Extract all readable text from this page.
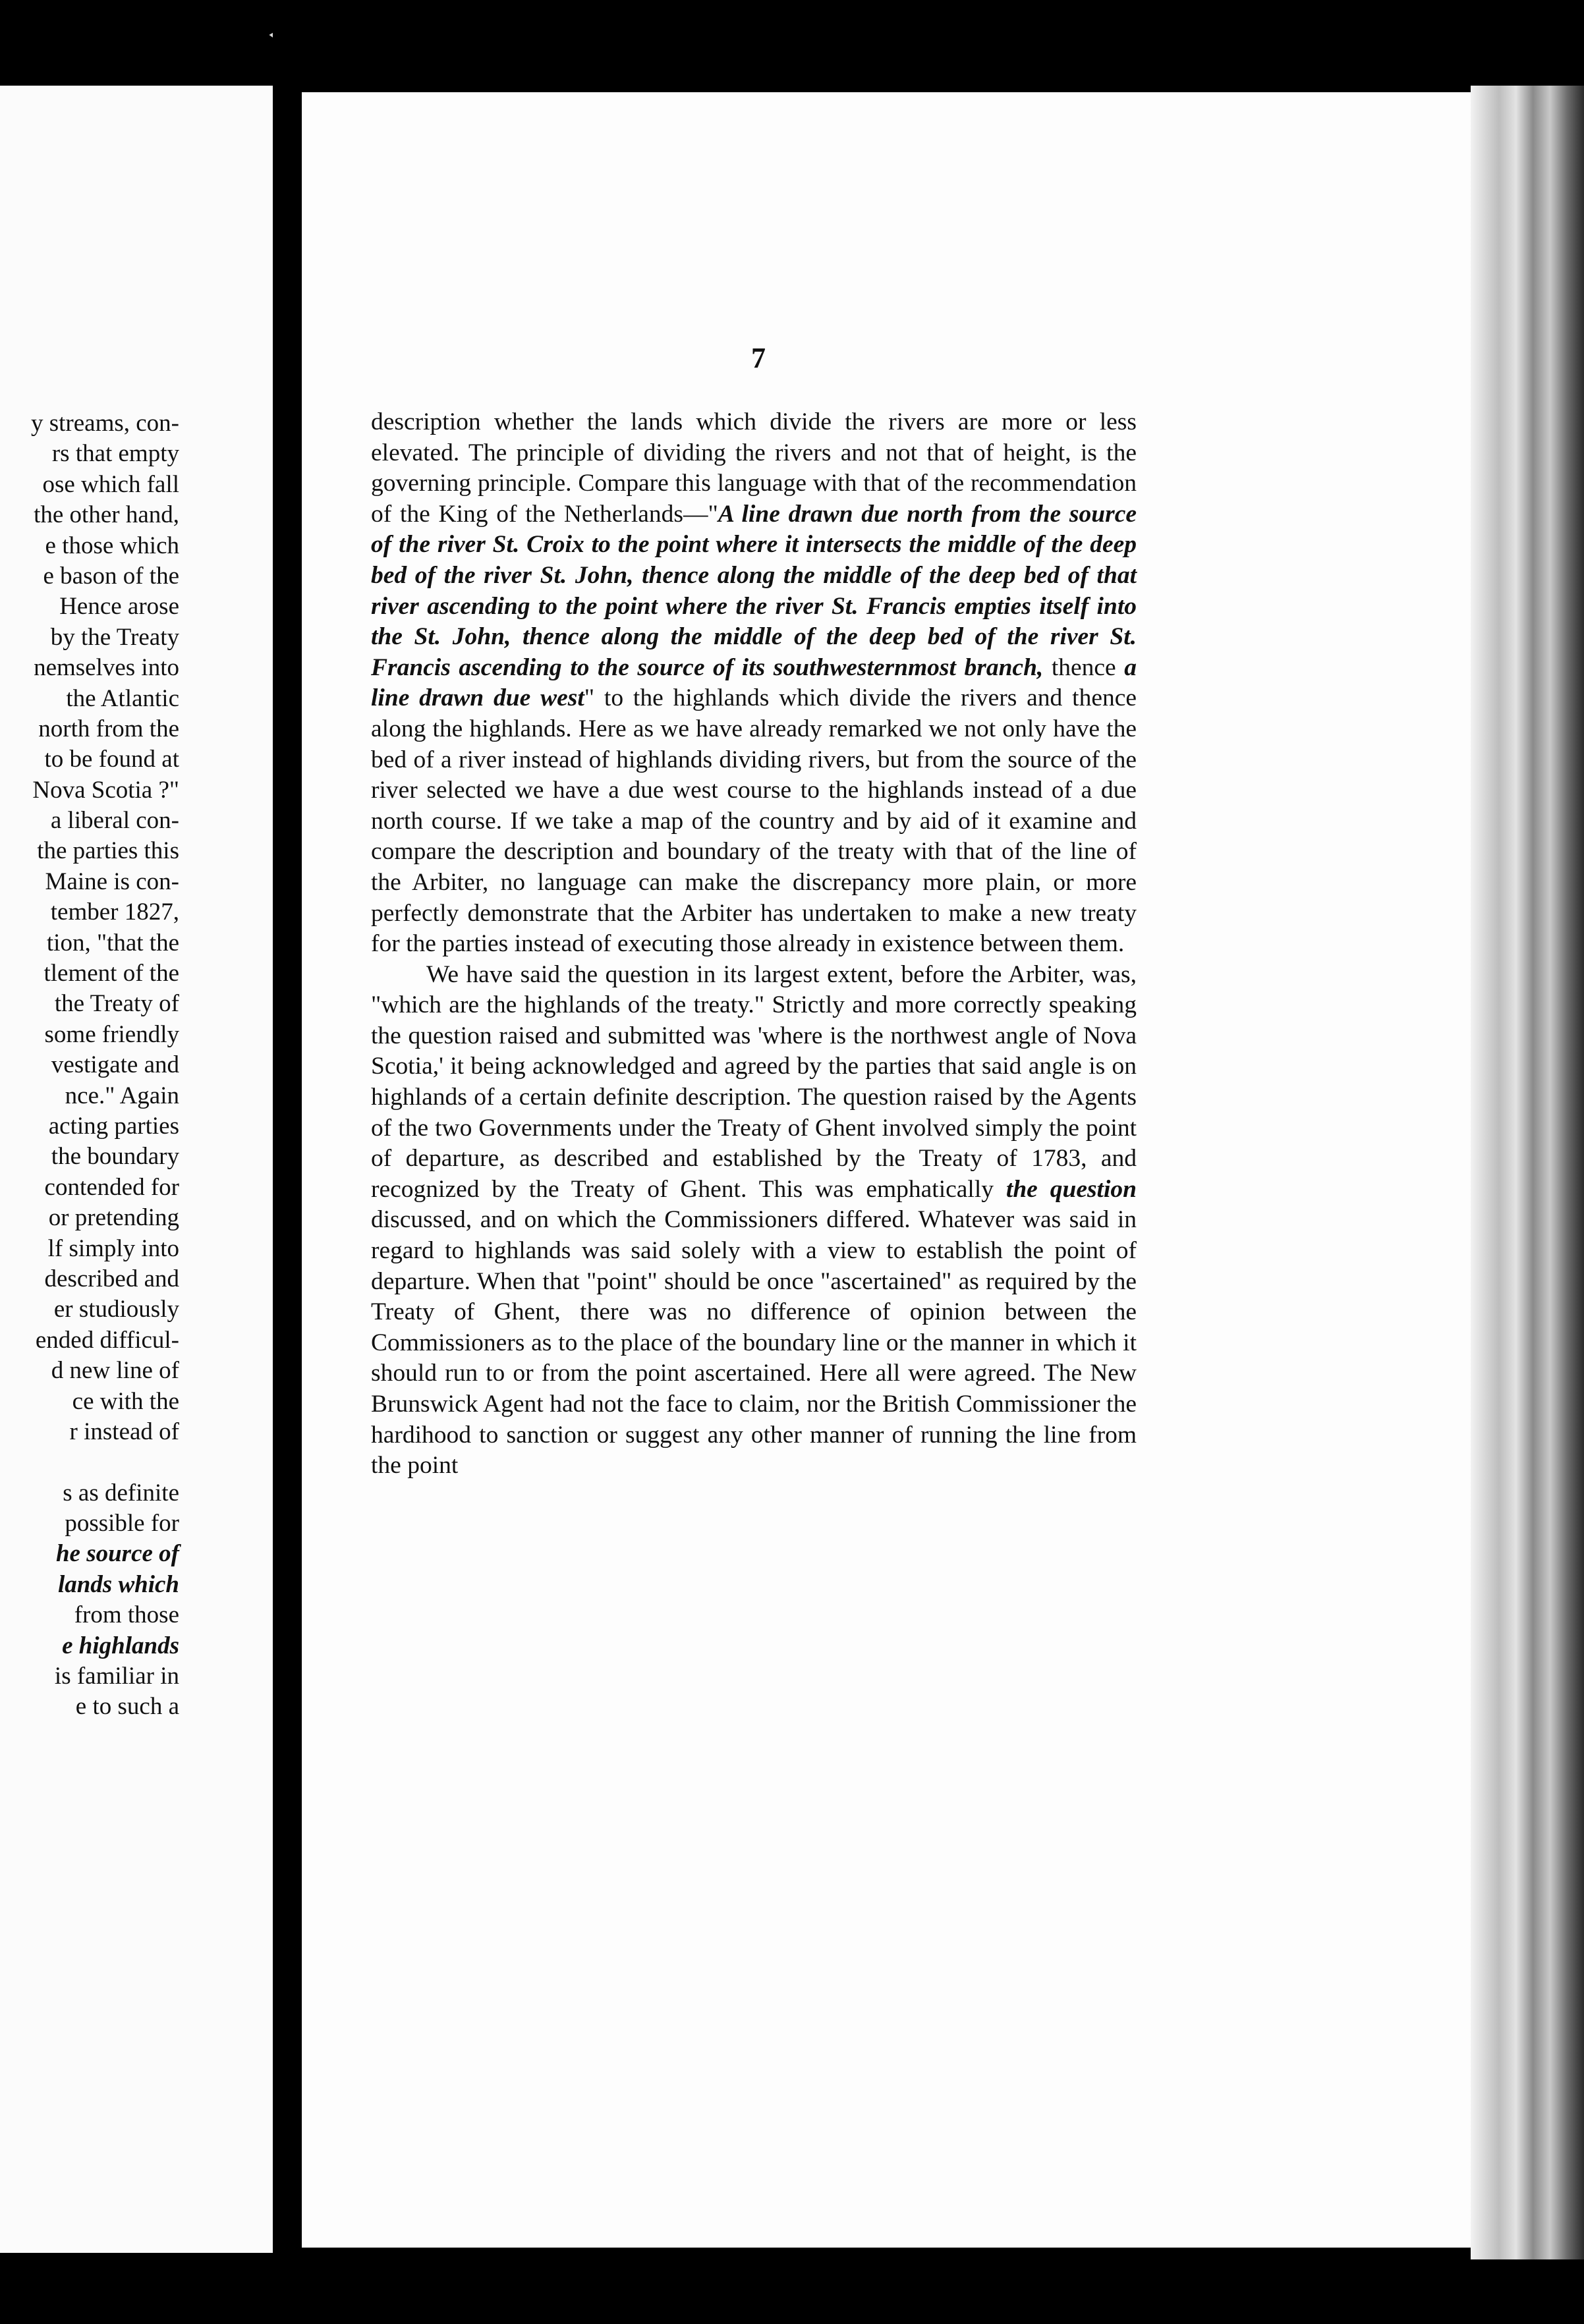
y streams, con-
rs that empty
ose which fall
the other hand,
e those which
e bason of the
Hence arose
by the Treaty
nemselves into
the Atlantic
north from the
to be found at
Nova Scotia ?"
a liberal con-
the parties this
Maine is con-
tember 1827,
tion, "that the
tlement of the
the Treaty of
some friendly
vestigate and
nce." Again
acting parties
the boundary
contended for
or pretending
lf simply into
described and
er studiously
ended difficul-
d new line of
ce with the
r instead of
s as definite
possible for
he source of
lands which
from those
e highlands
is familiar in
e to such a
7

description whether the lands which divide the rivers are more or less elevated. The principle of dividing the rivers and not that of height, is the governing principle. Compare this language with that of the recommendation of the King of the Netherlands—"A line drawn due north from the source of the river St. Croix to the point where it intersects the middle of the deep bed of the river St. John, thence along the middle of the deep bed of that river ascending to the point where the river St. Francis empties itself into the St. John, thence along the middle of the deep bed of the river St. Francis ascending to the source of its southwesternmost branch, thence a line drawn due west" to the highlands which divide the rivers and thence along the highlands. Here as we have already remarked we not only have the bed of a river instead of highlands dividing rivers, but from the source of the river selected we have a due west course to the highlands instead of a due north course. If we take a map of the country and by aid of it examine and compare the description and boundary of the treaty with that of the line of the Arbiter, no language can make the discrepancy more plain, or more perfectly demonstrate that the Arbiter has undertaken to make a new treaty for the parties instead of executing those already in existence between them.

We have said the question in its largest extent, before the Arbiter, was, "which are the highlands of the treaty." Strictly and more correctly speaking the question raised and submitted was 'where is the northwest angle of Nova Scotia,' it being acknowledged and agreed by the parties that said angle is on highlands of a certain definite description. The question raised by the Agents of the two Governments under the Treaty of Ghent involved simply the point of departure, as described and established by the Treaty of 1783, and recognized by the Treaty of Ghent. This was emphatically the question discussed, and on which the Commissioners differed. Whatever was said in regard to highlands was said solely with a view to establish the point of departure. When that "point" should be once "ascertained" as required by the Treaty of Ghent, there was no difference of opinion between the Commissioners as to the place of the boundary line or the manner in which it should run to or from the point ascertained. Here all were agreed. The New Brunswick Agent had not the face to claim, nor the British Commissioner the hardihood to sanction or suggest any other manner of running the line from the point
